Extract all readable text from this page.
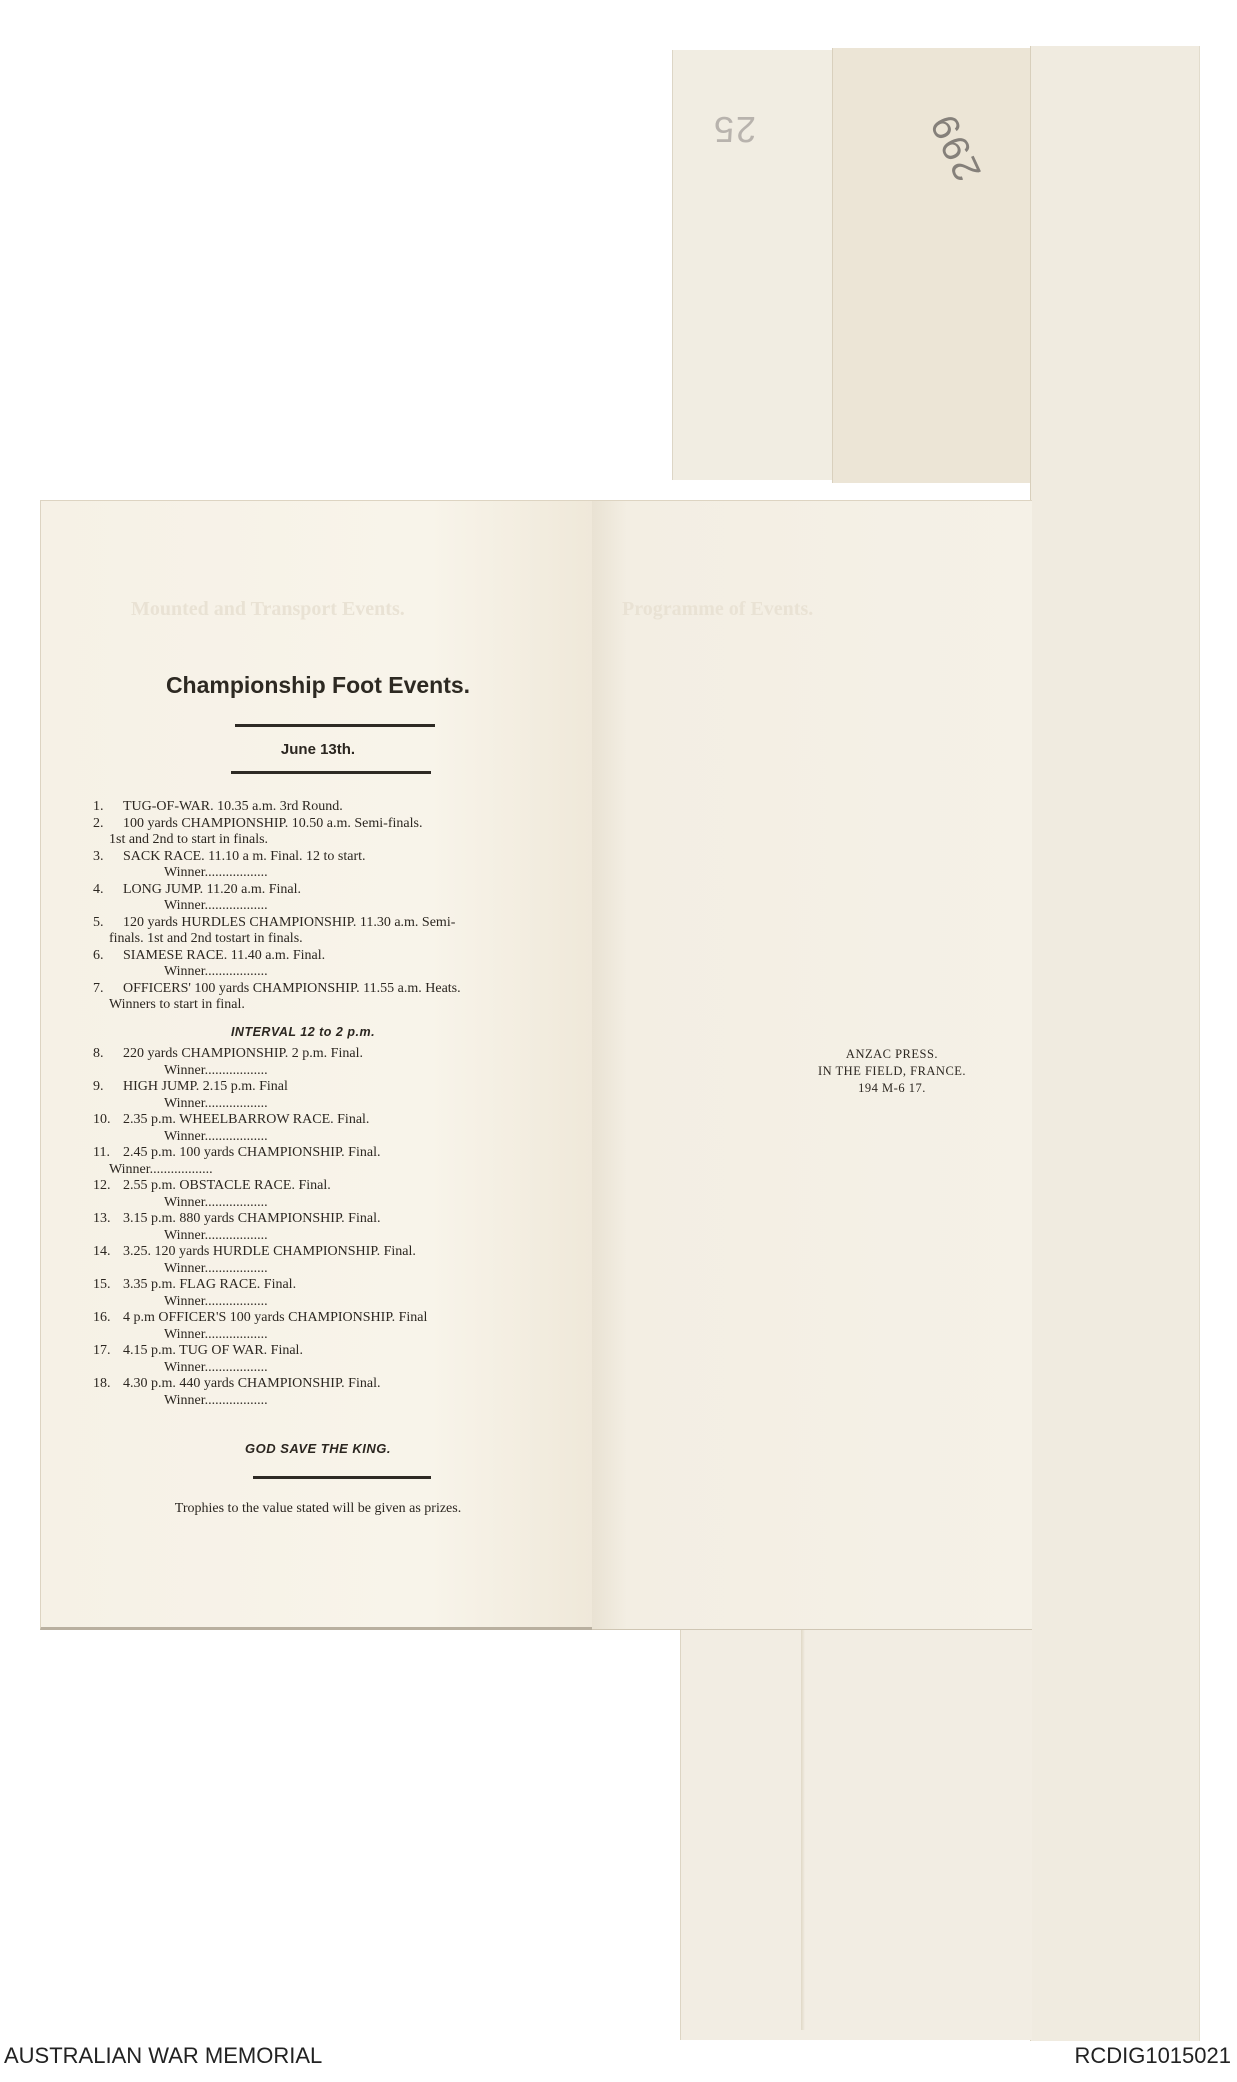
25	299
Mounted and Transport Events.
Championship Foot Events.
June 13th.
1. TUG-OF-WAR. 10.35 a.m. 3rd Round.
2. 100 yards CHAMPIONSHIP. 10.50 a.m. Semi-finals.
1st and 2nd to start in finals.
3. SACK RACE. 11.10 a m. Final. 12 to start.
Winner..................
4. LONG JUMP. 11.20 a.m. Final.
Winner..................
5. 120 yards HURDLES CHAMPIONSHIP. 11.30 a.m. Semi-
finals. 1st and 2nd tostart in finals.
6. SIAMESE RACE. 11.40 a.m. Final.
Winner..................
7. OFFICERS' 100 yards CHAMPIONSHIP. 11.55 a.m. Heats.
Winners to start in final.
INTERVAL 12 to 2 p.m.
8. 220 yards CHAMPIONSHIP. 2 p.m. Final.
Winner..................
9. HIGH JUMP. 2.15 p.m. Final
Winner..................
10. 2.35 p.m. WHEELBARROW RACE. Final.
Winner..................
11. 2.45 p.m. 100 yards CHAMPIONSHIP. Final.
Winner..................
12. 2.55 p.m. OBSTACLE RACE. Final.
Winner..................
13. 3.15 p.m. 880 yards CHAMPIONSHIP. Final.
Winner..................
14. 3.25. 120 yards HURDLE CHAMPIONSHIP. Final.
Winner..................
15. 3.35 p.m. FLAG RACE. Final.
Winner..................
16. 4 p.m OFFICER'S 100 yards CHAMPIONSHIP. Final
Winner..................
17. 4.15 p.m. TUG OF WAR. Final.
Winner..................
18. 4.30 p.m. 440 yards CHAMPIONSHIP. Final.
Winner..................
GOD SAVE THE KING.
Trophies to the value stated will be given as prizes.
Programme of Events.
ANZAC PRESS.
IN THE FIELD, FRANCE.
194 M-6 17.
AUSTRALIAN WAR MEMORIAL	RCDIG1015021
